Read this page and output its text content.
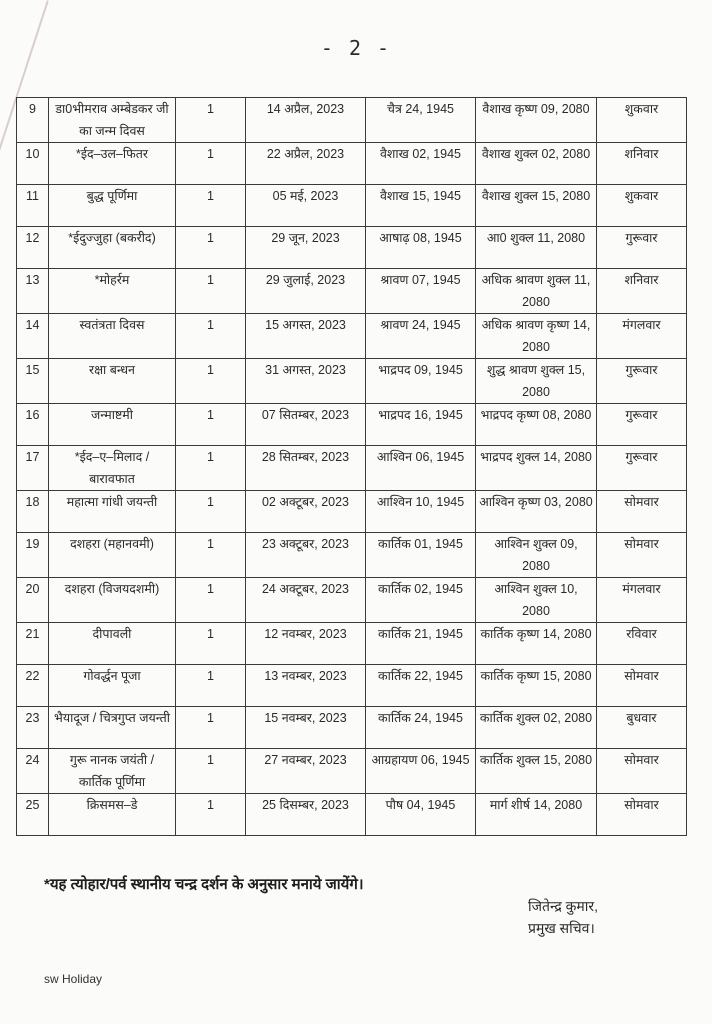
- 2 -
9	डा0भीमराव अम्बेडकर जी का जन्म दिवस	1	14 अप्रैल, 2023	चैत्र 24, 1945	वैशाख कृष्ण 09, 2080	शुकवार
10	*ईद–उल–फितर	1	22 अप्रैल, 2023	वैशाख 02, 1945	वैशाख शुक्ल 02, 2080	शनिवार
11	बुद्ध पूर्णिमा	1	05 मई, 2023	वैशाख 15, 1945	वैशाख शुक्ल 15, 2080	शुकवार
12	*ईदुज्जुहा (बकरीद)	1	29 जून, 2023	आषाढ़ 08, 1945	आ0 शुक्ल 11, 2080	गुरूवार
13	*मोहर्रम	1	29 जुलाई, 2023	श्रावण 07, 1945	अधिक श्रावण शुक्ल 11, 2080	शनिवार
14	स्वतंत्रता दिवस	1	15 अगस्त, 2023	श्रावण 24, 1945	अधिक श्रावण कृष्ण 14, 2080	मंगलवार
15	रक्षा बन्धन	1	31 अगस्त, 2023	भाद्रपद 09, 1945	शुद्ध श्रावण शुक्ल 15, 2080	गुरूवार
16	जन्माष्टमी	1	07 सितम्बर, 2023	भाद्रपद 16, 1945	भाद्रपद कृष्ण 08, 2080	गुरूवार
17	*ईद–ए–मिलाद / बारावफात	1	28 सितम्बर, 2023	आश्विन 06, 1945	भाद्रपद शुक्ल 14, 2080	गुरूवार
18	महात्मा गांधी जयन्ती	1	02 अक्टूबर, 2023	आश्विन 10, 1945	आश्विन कृष्ण 03, 2080	सोमवार
19	दशहरा (महानवमी)	1	23 अक्टूबर, 2023	कार्तिक 01, 1945	आश्विन शुक्ल 09, 2080	सोमवार
20	दशहरा (विजयदशमी)	1	24 अक्टूबर, 2023	कार्तिक 02, 1945	आश्विन शुक्ल 10, 2080	मंगलवार
21	दीपावली	1	12 नवम्बर, 2023	कार्तिक 21, 1945	कार्तिक कृष्ण 14, 2080	रविवार
22	गोवर्द्धन पूजा	1	13 नवम्बर, 2023	कार्तिक 22, 1945	कार्तिक कृष्ण 15, 2080	सोमवार
23	भैयादूज / चित्रगुप्त जयन्ती	1	15 नवम्बर, 2023	कार्तिक 24, 1945	कार्तिक शुक्ल 02, 2080	बुधवार
24	गुरू नानक जयंती / कार्तिक पूर्णिमा	1	27 नवम्बर, 2023	आग्रहायण 06, 1945	कार्तिक शुक्ल 15, 2080	सोमवार
25	क्रिसमस–डे	1	25 दिसम्बर, 2023	पौष 04, 1945	मार्ग शीर्ष 14, 2080	सोमवार
*यह त्योहार/पर्व स्थानीय चन्द्र दर्शन के अनुसार मनाये जायेंगे।
जितेन्द्र कुमार,
प्रमुख सचिव।
sw Holiday
